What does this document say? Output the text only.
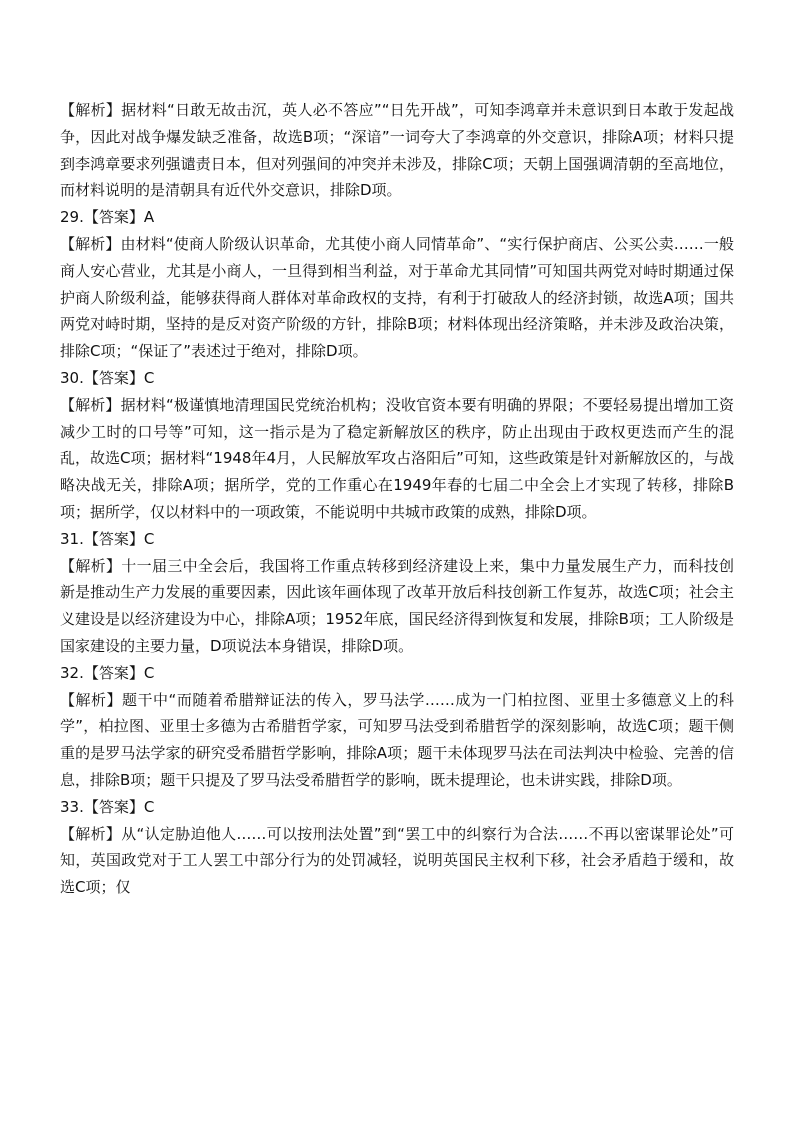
【解析】据材料“日敢无故击沉，英人必不答应”“日先开战”，可知李鸿章并未意识到日本敢于发起战争，因此对战争爆发缺乏准备，故选B项；“深谙”一词夸大了李鸿章的外交意识，排除A项；材料只提到李鸿章要求列强谴责日本，但对列强间的冲突并未涉及，排除C项；天朝上国强调清朝的至高地位，而材料说明的是清朝具有近代外交意识，排除D项。

29.【答案】A

【解析】由材料“使商人阶级认识革命，尤其使小商人同情革命”、“实行保护商店、公买公卖……一般商人安心营业，尤其是小商人，一旦得到相当利益，对于革命尤其同情”可知国共两党对峙时期通过保护商人阶级利益，能够获得商人群体对革命政权的支持，有利于打破敌人的经济封锁，故选A项；国共两党对峙时期，坚持的是反对资产阶级的方针，排除B项；材料体现出经济策略，并未涉及政治决策，排除C项；“保证了”表述过于绝对，排除D项。

30.【答案】C

【解析】据材料“极谨慎地清理国民党统治机构；没收官资本要有明确的界限；不要轻易提出增加工资减少工时的口号等”可知，这一指示是为了稳定新解放区的秩序，防止出现由于政权更迭而产生的混乱，故选C项；据材料“1948年4月，人民解放军攻占洛阳后”可知，这些政策是针对新解放区的，与战略决战无关，排除A项；据所学，党的工作重心在1949年春的七届二中全会上才实现了转移，排除B项；据所学，仅以材料中的一项政策，不能说明中共城市政策的成熟，排除D项。

31.【答案】C

【解析】十一届三中全会后，我国将工作重点转移到经济建设上来，集中力量发展生产力，而科技创新是推动生产力发展的重要因素，因此该年画体现了改革开放后科技创新工作复苏，故选C项；社会主义建设是以经济建设为中心，排除A项；1952年底，国民经济得到恢复和发展，排除B项；工人阶级是国家建设的主要力量，D项说法本身错误，排除D项。

32.【答案】C

【解析】题干中“而随着希腊辩证法的传入，罗马法学……成为一门柏拉图、亚里士多德意义上的科学”，柏拉图、亚里士多德为古希腊哲学家，可知罗马法受到希腊哲学的深刻影响，故选C项；题干侧重的是罗马法学家的研究受希腊哲学影响，排除A项；题干未体现罗马法在司法判决中检验、完善的信息，排除B项；题干只提及了罗马法受希腊哲学的影响，既未提理论，也未讲实践，排除D项。

33.【答案】C

【解析】从“认定胁迫他人……可以按刑法处置”到“罢工中的纠察行为合法……不再以密谋罪论处”可知，英国政党对于工人罢工中部分行为的处罚减轻，说明英国民主权利下移，社会矛盾趋于缓和，故选C项；仅
